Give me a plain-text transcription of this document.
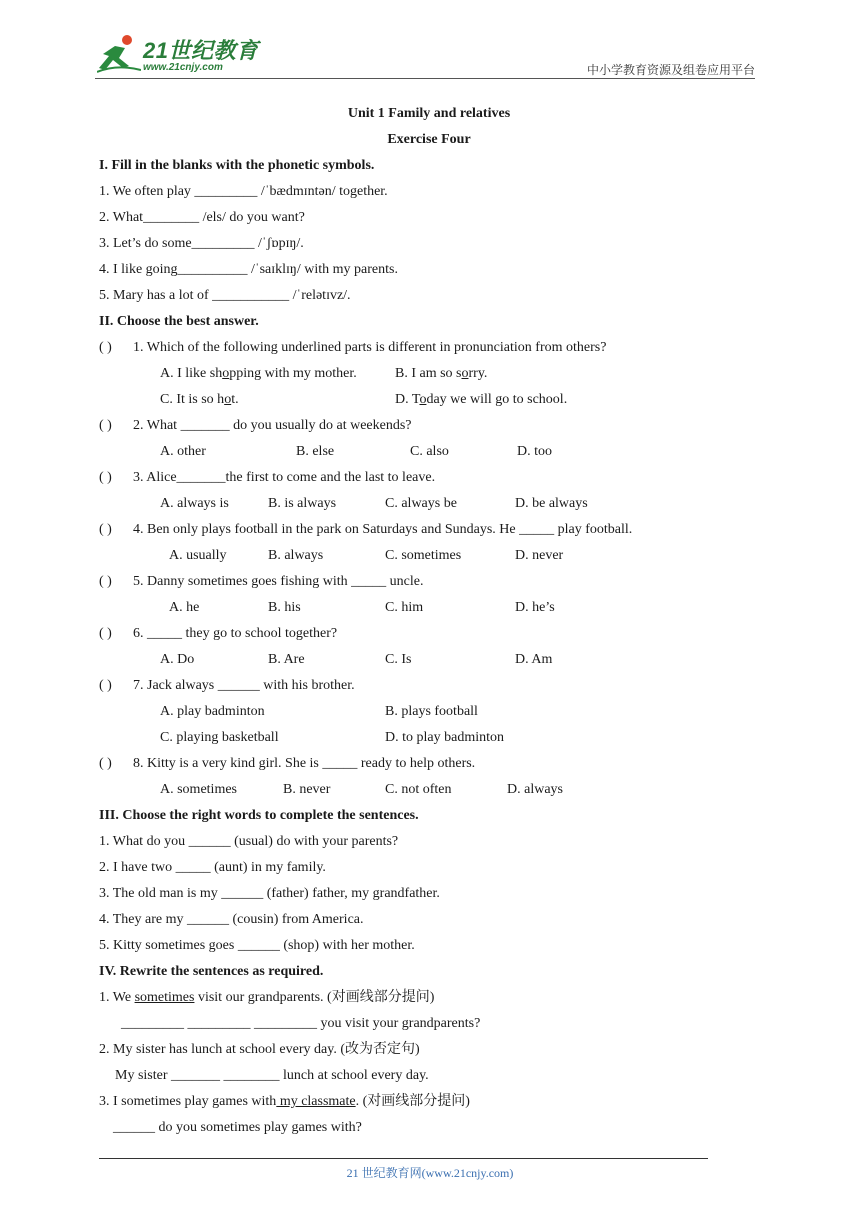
21世纪教育
www.21cnjy.com	中小学教育资源及组卷应用平台
Unit 1 Family and relatives
Exercise Four
I. Fill in the blanks with the phonetic symbols.
1. We often play _________ /ˈbædmɪntən/ together.
2. What________ /els/ do you want?
3. Let’s do some_________ /ˈʃɒpɪŋ/.
4. I like going__________ /ˈsaɪklɪŋ/ with my parents.
5. Mary has a lot of ___________ /ˈrelətɪvz/.
II. Choose the best answer.
( ) 1. Which of the following underlined parts is different in pronunciation from others?
A. I like shopping with my mother.	B. I am so sorry.
C. It is so hot.	D. Today we will go to school.
( ) 2. What _______ do you usually do at weekends?
A. other	B. else	C. also	D. too
( ) 3. Alice_______the first to come and the last to leave.
A. always is	B. is always	C. always be	D. be always
( ) 4. Ben only plays football in the park on Saturdays and Sundays. He _____ play football.
A. usually	B. always	C. sometimes	D. never
( ) 5. Danny sometimes goes fishing with _____ uncle.
A. he	B. his	C. him	D. he’s
( ) 6. _____ they go to school together?
A. Do	B. Are	C. Is	D. Am
( ) 7. Jack always ______ with his brother.
A. play badminton	B. plays football
C. playing basketball	D. to play badminton
( ) 8. Kitty is a very kind girl. She is _____ ready to help others.
A. sometimes	B. never	C. not often	D. always
III. Choose the right words to complete the sentences.
1. What do you ______ (usual) do with your parents?
2. I have two _____ (aunt) in my family.
3. The old man is my ______ (father) father, my grandfather.
4. They are my ______ (cousin) from America.
5. Kitty sometimes goes ______ (shop) with her mother.
IV. Rewrite the sentences as required.
1. We sometimes visit our grandparents. (对画线部分提问)
_________ _________ _________ you visit your grandparents?
2. My sister has lunch at school every day. (改为否定句)
My sister _______ ________ lunch at school every day.
3. I sometimes play games with my classmate. (对画线部分提问)
______ do you sometimes play games with?
21 世纪教育网(www.21cnjy.com)
